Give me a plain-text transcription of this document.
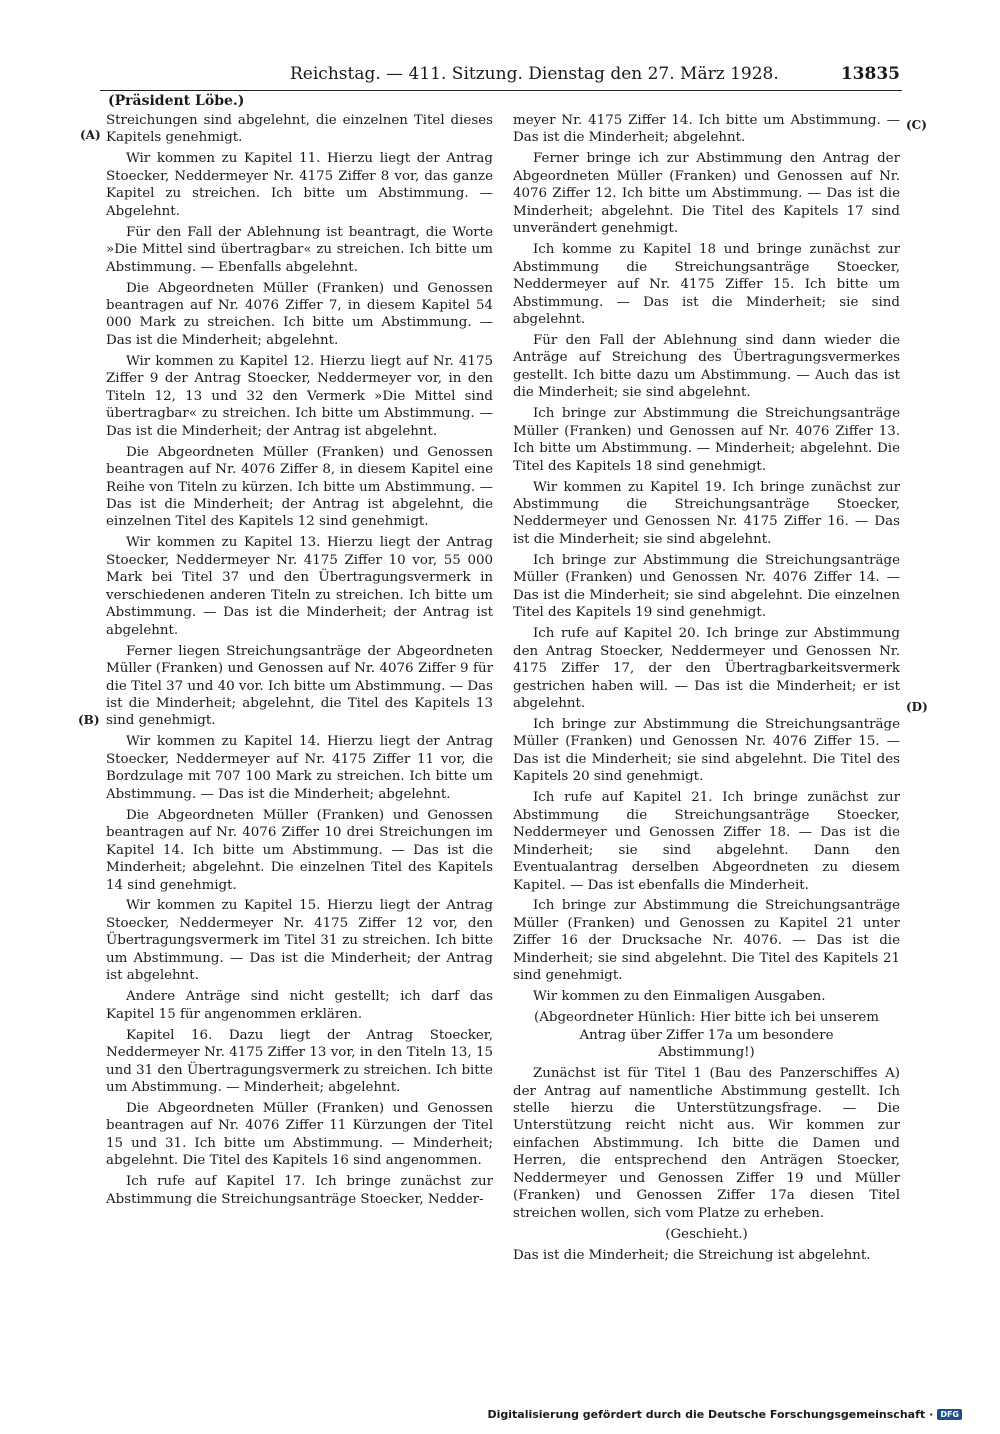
Reichstag. — 411. Sitzung. Dienstag den 27. März 1928.	13835
(Präsident Löbe.)
(A)
(B)
(C)
(D)

Streichungen sind abgelehnt, die einzelnen Titel dieses Kapitels genehmigt.

Wir kommen zu Kapitel 11. Hierzu liegt der Antrag Stoecker, Neddermeyer Nr. 4175 Ziffer 8 vor, das ganze Kapitel zu streichen. Ich bitte um Abstimmung. — Abgelehnt.

Für den Fall der Ablehnung ist beantragt, die Worte »Die Mittel sind übertragbar« zu streichen. Ich bitte um Abstimmung. — Ebenfalls abgelehnt.

Die Abgeordneten Müller (Franken) und Genossen beantragen auf Nr. 4076 Ziffer 7, in diesem Kapitel 54 000 Mark zu streichen. Ich bitte um Abstimmung. — Das ist die Minderheit; abgelehnt.

Wir kommen zu Kapitel 12. Hierzu liegt auf Nr. 4175 Ziffer 9 der Antrag Stoecker, Neddermeyer vor, in den Titeln 12, 13 und 32 den Vermerk »Die Mittel sind übertragbar« zu streichen. Ich bitte um Abstimmung. — Das ist die Minderheit; der Antrag ist abgelehnt.

Die Abgeordneten Müller (Franken) und Genossen beantragen auf Nr. 4076 Ziffer 8, in diesem Kapitel eine Reihe von Titeln zu kürzen. Ich bitte um Abstimmung. — Das ist die Minderheit; der Antrag ist abgelehnt, die einzelnen Titel des Kapitels 12 sind genehmigt.

Wir kommen zu Kapitel 13. Hierzu liegt der Antrag Stoecker, Neddermeyer Nr. 4175 Ziffer 10 vor, 55 000 Mark bei Titel 37 und den Übertragungsvermerk in verschiedenen anderen Titeln zu streichen. Ich bitte um Abstimmung. — Das ist die Minderheit; der Antrag ist abgelehnt.

Ferner liegen Streichungsanträge der Abgeordneten Müller (Franken) und Genossen auf Nr. 4076 Ziffer 9 für die Titel 37 und 40 vor. Ich bitte um Abstimmung. — Das ist die Minderheit; abgelehnt, die Titel des Kapitels 13 sind genehmigt.

Wir kommen zu Kapitel 14. Hierzu liegt der Antrag Stoecker, Neddermeyer auf Nr. 4175 Ziffer 11 vor, die Bordzulage mit 707 100 Mark zu streichen. Ich bitte um Abstimmung. — Das ist die Minderheit; abgelehnt.

Die Abgeordneten Müller (Franken) und Genossen beantragen auf Nr. 4076 Ziffer 10 drei Streichungen im Kapitel 14. Ich bitte um Abstimmung. — Das ist die Minderheit; abgelehnt. Die einzelnen Titel des Kapitels 14 sind genehmigt.

Wir kommen zu Kapitel 15. Hierzu liegt der Antrag Stoecker, Neddermeyer Nr. 4175 Ziffer 12 vor, den Übertragungsvermerk im Titel 31 zu streichen. Ich bitte um Abstimmung. — Das ist die Minderheit; der Antrag ist abgelehnt.

Andere Anträge sind nicht gestellt; ich darf das Kapitel 15 für angenommen erklären.

Kapitel 16. Dazu liegt der Antrag Stoecker, Neddermeyer Nr. 4175 Ziffer 13 vor, in den Titeln 13, 15 und 31 den Übertragungsvermerk zu streichen. Ich bitte um Abstimmung. — Minderheit; abgelehnt.

Die Abgeordneten Müller (Franken) und Genossen beantragen auf Nr. 4076 Ziffer 11 Kürzungen der Titel 15 und 31. Ich bitte um Abstimmung. — Minderheit; abgelehnt. Die Titel des Kapitels 16 sind angenommen.

Ich rufe auf Kapitel 17. Ich bringe zunächst zur Abstimmung die Streichungsanträge Stoecker, Nedder-

meyer Nr. 4175 Ziffer 14. Ich bitte um Abstimmung. — Das ist die Minderheit; abgelehnt.

Ferner bringe ich zur Abstimmung den Antrag der Abgeordneten Müller (Franken) und Genossen auf Nr. 4076 Ziffer 12. Ich bitte um Abstimmung. — Das ist die Minderheit; abgelehnt. Die Titel des Kapitels 17 sind unverändert genehmigt.

Ich komme zu Kapitel 18 und bringe zunächst zur Abstimmung die Streichungsanträge Stoecker, Neddermeyer auf Nr. 4175 Ziffer 15. Ich bitte um Abstimmung. — Das ist die Minderheit; sie sind abgelehnt.

Für den Fall der Ablehnung sind dann wieder die Anträge auf Streichung des Übertragungsvermerkes gestellt. Ich bitte dazu um Abstimmung. — Auch das ist die Minderheit; sie sind abgelehnt.

Ich bringe zur Abstimmung die Streichungsanträge Müller (Franken) und Genossen auf Nr. 4076 Ziffer 13. Ich bitte um Abstimmung. — Minderheit; abgelehnt. Die Titel des Kapitels 18 sind genehmigt.

Wir kommen zu Kapitel 19. Ich bringe zunächst zur Abstimmung die Streichungsanträge Stoecker, Neddermeyer und Genossen Nr. 4175 Ziffer 16. — Das ist die Minderheit; sie sind abgelehnt.

Ich bringe zur Abstimmung die Streichungsanträge Müller (Franken) und Genossen Nr. 4076 Ziffer 14. — Das ist die Minderheit; sie sind abgelehnt. Die einzelnen Titel des Kapitels 19 sind genehmigt.

Ich rufe auf Kapitel 20. Ich bringe zur Abstimmung den Antrag Stoecker, Neddermeyer und Genossen Nr. 4175 Ziffer 17, der den Übertragbarkeitsvermerk gestrichen haben will. — Das ist die Minderheit; er ist abgelehnt.

Ich bringe zur Abstimmung die Streichungsanträge Müller (Franken) und Genossen Nr. 4076 Ziffer 15. — Das ist die Minderheit; sie sind abgelehnt. Die Titel des Kapitels 20 sind genehmigt.

Ich rufe auf Kapitel 21. Ich bringe zunächst zur Abstimmung die Streichungsanträge Stoecker, Neddermeyer und Genossen Ziffer 18. — Das ist die Minderheit; sie sind abgelehnt. Dann den Eventualantrag derselben Abgeordneten zu diesem Kapitel. — Das ist ebenfalls die Minderheit.

Ich bringe zur Abstimmung die Streichungsanträge Müller (Franken) und Genossen zu Kapitel 21 unter Ziffer 16 der Drucksache Nr. 4076. — Das ist die Minderheit; sie sind abgelehnt. Die Titel des Kapitels 21 sind genehmigt.

Wir kommen zu den Einmaligen Ausgaben.

(Abgeordneter Hünlich: Hier bitte ich bei unserem Antrag über Ziffer 17a um besondere Abstimmung!)

Zunächst ist für Titel 1 (Bau des Panzerschiffes A) der Antrag auf namentliche Abstimmung gestellt. Ich stelle hierzu die Unterstützungsfrage. — Die Unterstützung reicht nicht aus. Wir kommen zur einfachen Abstimmung. Ich bitte die Damen und Herren, die entsprechend den Anträgen Stoecker, Neddermeyer und Genossen Ziffer 19 und Müller (Franken) und Genossen Ziffer 17a diesen Titel streichen wollen, sich vom Platze zu erheben.

(Geschieht.)

Das ist die Minderheit; die Streichung ist abgelehnt.

Digitalisierung gefördert durch die Deutsche Forschungsgemeinschaft · DFG
